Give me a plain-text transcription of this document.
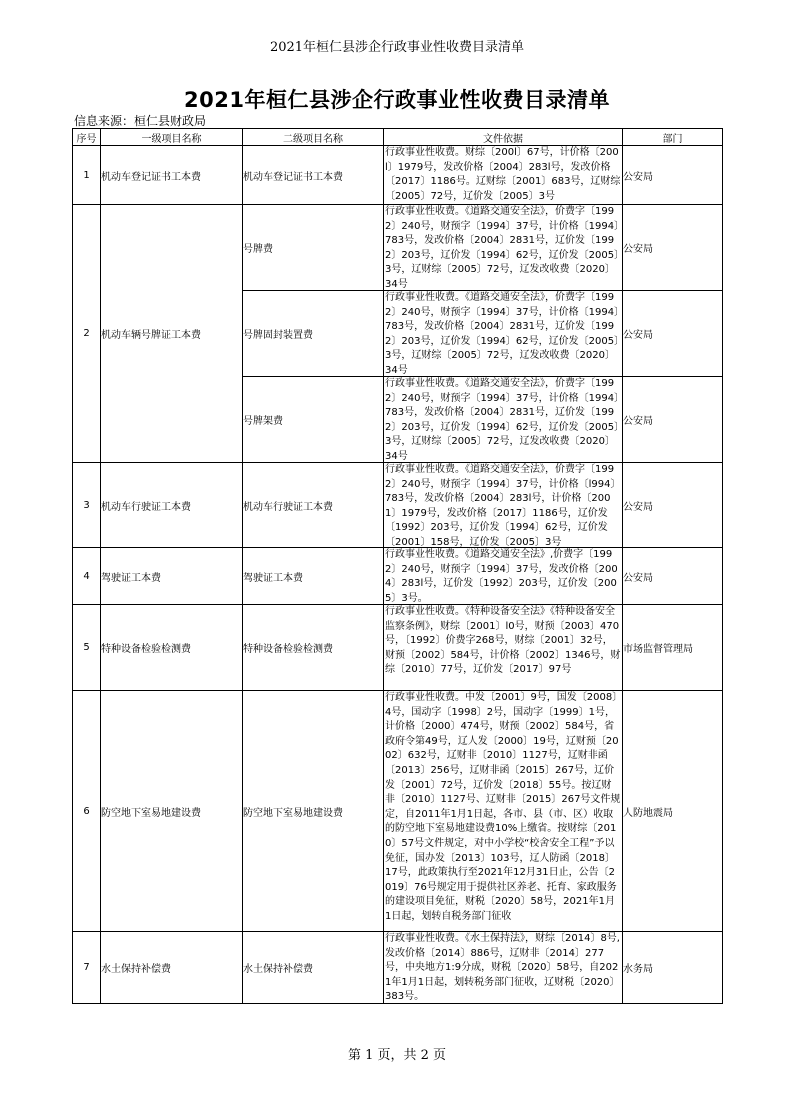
2021年桓仁县涉企行政事业性收费目录清单
2021年桓仁县涉企行政事业性收费目录清单
信息来源：桓仁县财政局
序号	一级项目名称	二级项目名称	文件依据	部门
1	机动车登记证书工本费	机动车登记证书工本费	行政事业性收费。财综〔200l〕67号，计价格〔200l〕1979号，发改价格〔2004〕283l号，发改价格〔2017〕1186号。辽财综〔2001〕683号，辽财综〔2005〕72号，辽价发〔2005〕3号	公安局
2	机动车辆号牌证工本费	号牌费	行政事业性收费。《道路交通安全法》，价费字〔1992〕240号，财预字〔1994〕37号，计价格〔1994〕783号，发改价格〔2004〕2831号，辽价发〔1992〕203号，辽价发〔1994〕62号，辽价发〔2005〕3号，辽财综〔2005〕72号，辽发改收费〔2020〕34号	公安局
		号牌固封装置费	行政事业性收费。《道路交通安全法》，价费字〔1992〕240号，财预字〔1994〕37号，计价格〔1994〕783号，发改价格〔2004〕2831号，辽价发〔1992〕203号，辽价发〔1994〕62号，辽价发〔2005〕3号，辽财综〔2005〕72号，辽发改收费〔2020〕34号	公安局
		号牌架费	行政事业性收费。《道路交通安全法》，价费字〔1992〕240号，财预字〔1994〕37号，计价格〔1994〕783号，发改价格〔2004〕2831号，辽价发〔1992〕203号，辽价发〔1994〕62号，辽价发〔2005〕3号，辽财综〔2005〕72号，辽发改收费〔2020〕34号	公安局
3	机动车行驶证工本费	机动车行驶证工本费	行政事业性收费。《道路交通安全法》，价费字〔1992〕240号，财预字〔1994〕37号，计价格〔l994〕783号，发改价格〔2004〕283l号，计价格〔2001〕1979号，发改价格〔2017〕1186号，辽价发〔1992〕203号，辽价发〔1994〕62号，辽价发〔2001〕158号，辽价发〔2005〕3号	公安局
4	驾驶证工本费	驾驶证工本费	行政事业性收费。《道路交通安全法》,价费字〔1992〕240号，财预字〔1994〕37号，发改价格〔2004〕283l号，辽价发〔1992〕203号，辽价发〔2005〕3号。	公安局
5	特种设备检验检测费	特种设备检验检测费	行政事业性收费。《特种设备安全法》《特种设备安全监察条例》，财综〔2001〕l0号，财预〔2003〕470号，〔1992〕价费字268号，财综〔2001〕32号，财预〔2002〕584号，计价格〔2002〕1346号，财综〔2010〕77号，辽价发〔2017〕97号	市场监督管理局
6	防空地下室易地建设费	防空地下室易地建设费	行政事业性收费。中发〔2001〕9号，国发〔2008〕4号，国动字〔1998〕2号，国动字〔1999〕1号，计价格〔2000〕474号，财预〔2002〕584号，省政府令第49号，辽人发〔2000〕19号，辽财预〔2002〕632号，辽财非〔2010〕1127号，辽财非函〔2013〕256号，辽财非函〔2015〕267号，辽价发〔2001〕72号，辽价发〔2018〕55号。按辽财非〔2010〕1127号、辽财非〔2015〕267号文件规定，自2011年1月1日起，各市、县（市、区）收取的防空地下室易地建设费10%上缴省。按财综〔2010〕57号文件规定，对中小学校“校舍安全工程”予以免征，国办发〔2013〕103号，辽人防函〔2018〕17号，此政策执行至2021年12月31日止，公告〔2019〕76号规定用于提供社区养老、托育、家政服务的建设项目免征，财税〔2020〕58号，2021年1月1日起，划转自税务部门征收	人防地震局
7	水土保持补偿费	水土保持补偿费	行政事业性收费。《水土保持法》，财综〔2014〕8号,发改价格〔2014〕886号，辽财非〔2014〕277号，中央地方1:9分成，财税〔2020〕58号，自2021年1月1日起，划转税务部门征收，辽财税〔2020〕383号。	水务局
第 1 页，共 2 页
